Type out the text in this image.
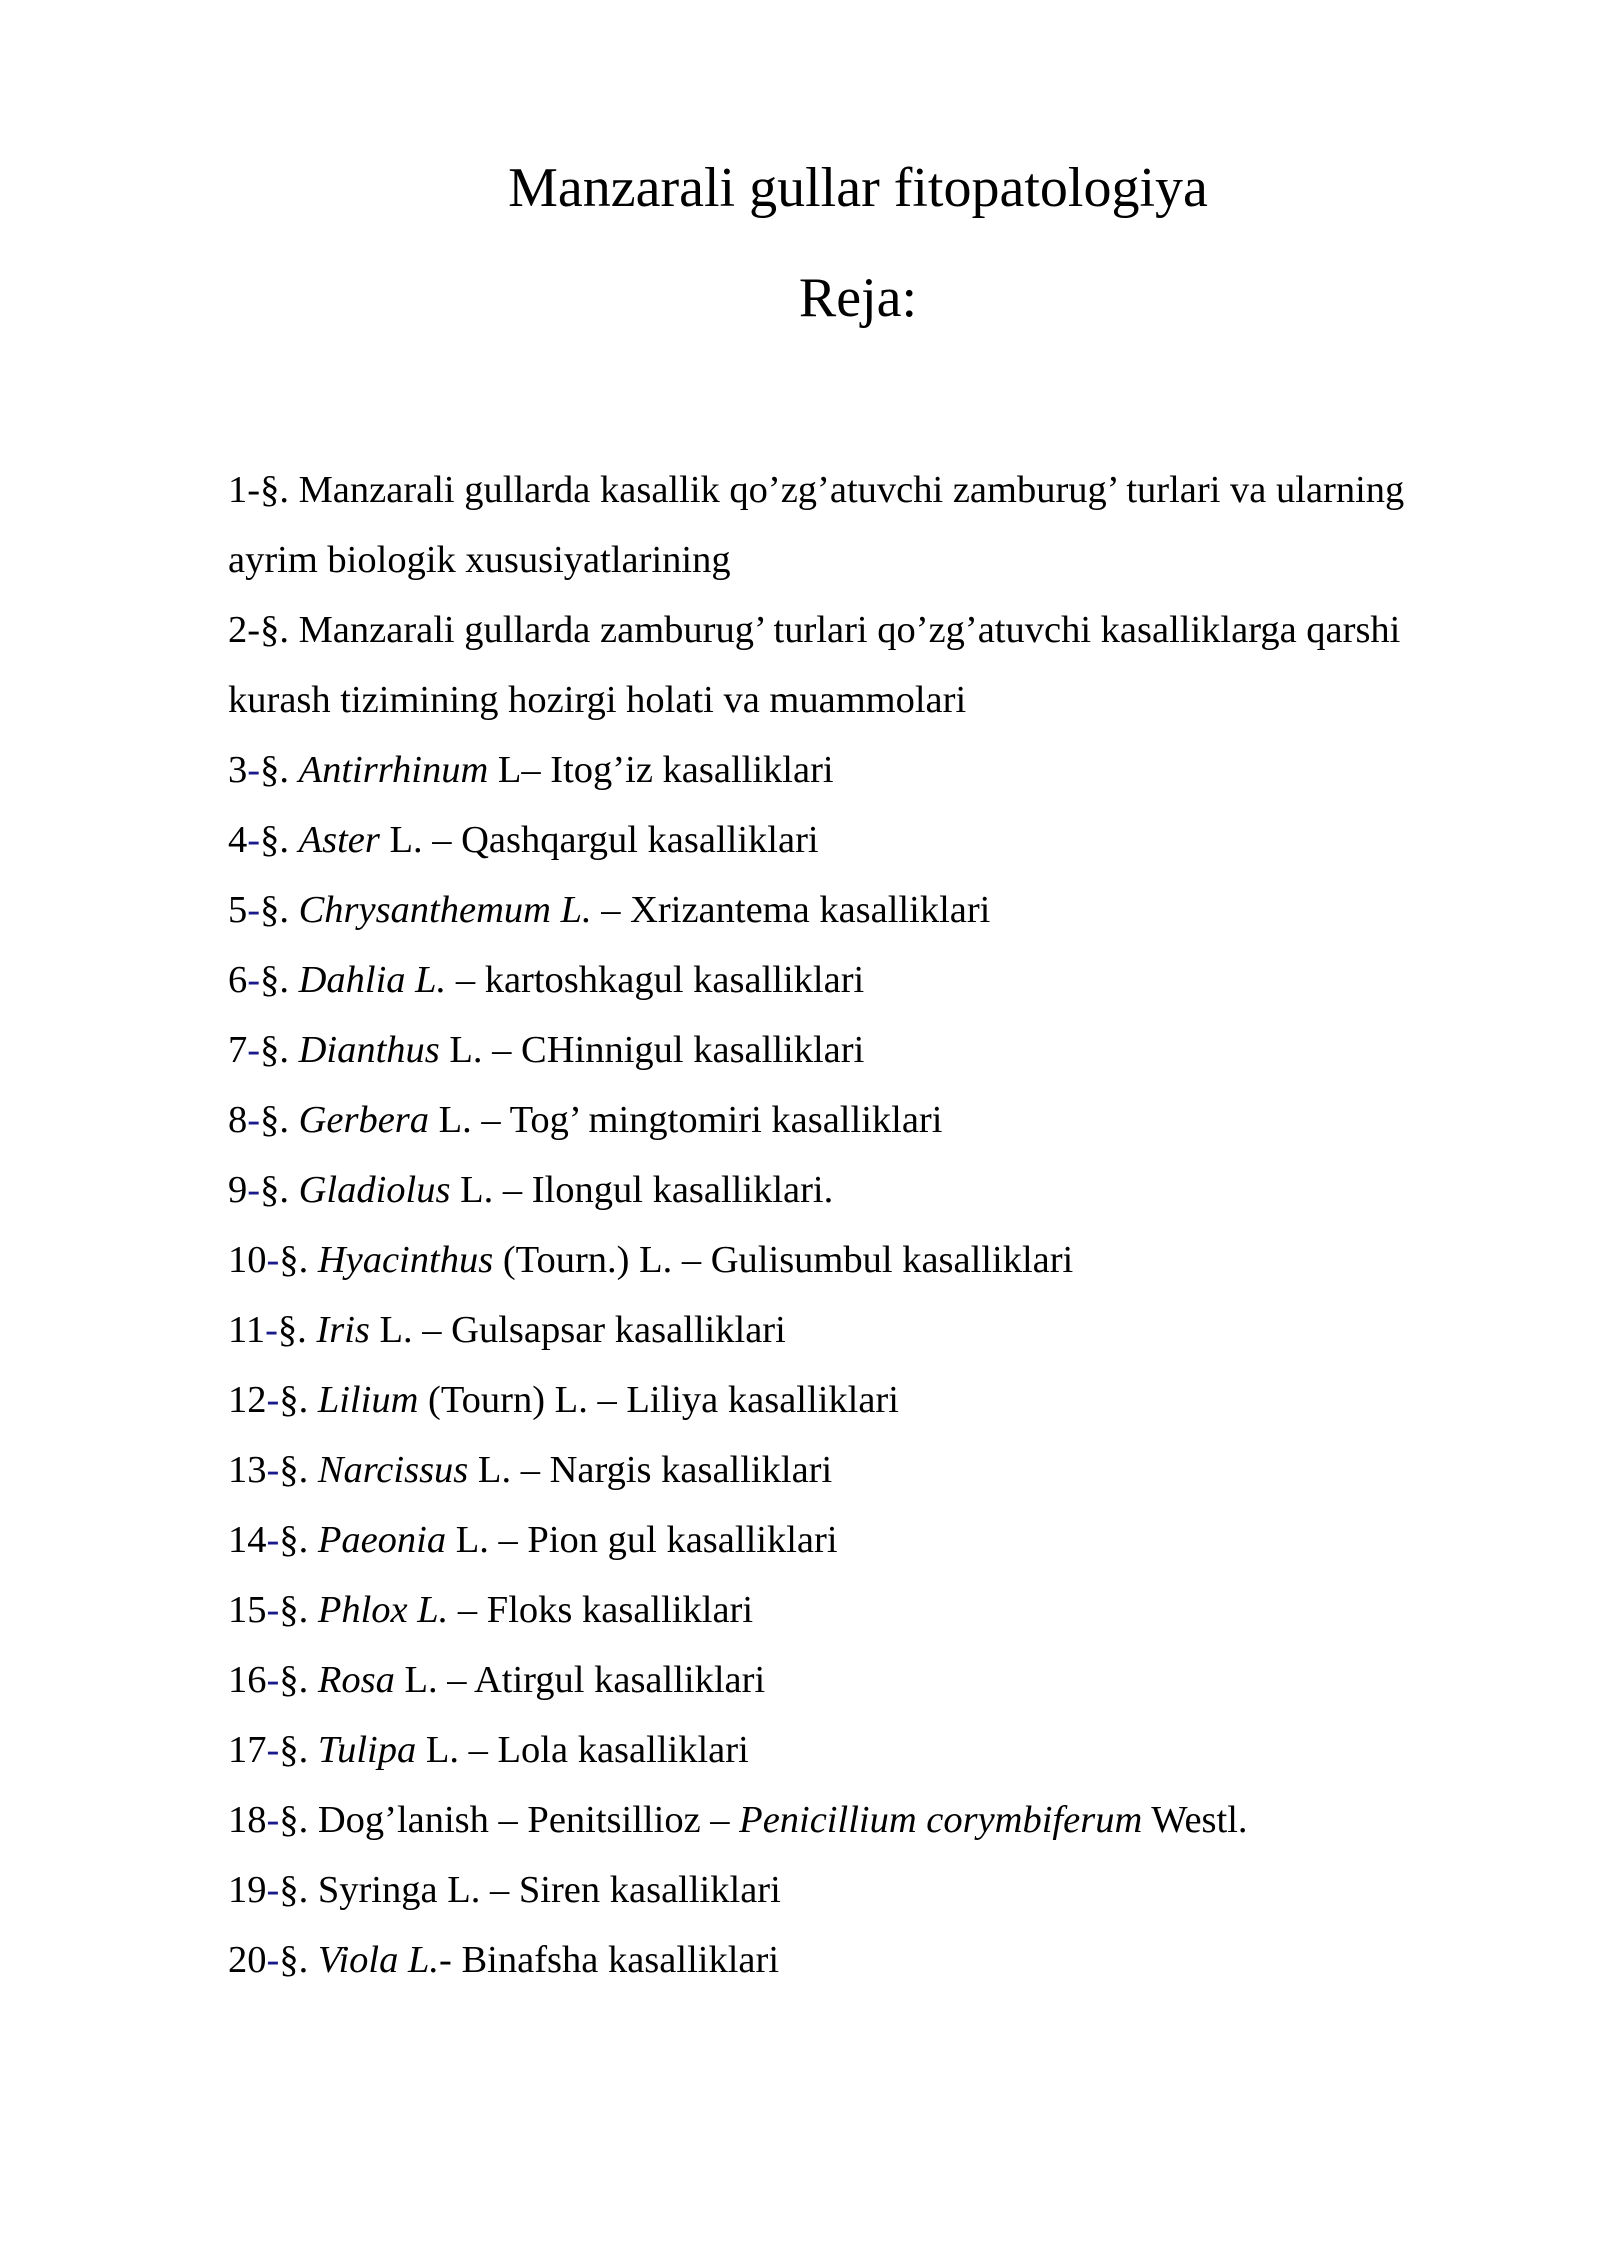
Manzarali gullar fitopatologiya
Reja:
1-§. Manzarali gullarda kasallik qo’zg’atuvchi zamburug’ turlari va ularning ayrim biologik xususiyatlarining
2-§. Manzarali gullarda zamburug’ turlari qo’zg’atuvchi kasalliklarga qarshi kurash tizimining hozirgi holati va muammolari
3-§. Antirrhinum L– Itog’iz kasalliklari
4-§. Aster L. – Qashqargul kasalliklari
5-§. Chrysanthemum L. – Xrizantema kasalliklari
6-§. Dahlia L. – kartoshkagul kasalliklari
7-§. Dianthus L. – CHinnigul kasalliklari
8-§. Gerbera L. – Tog’ mingtomiri kasalliklari
9-§. Gladiolus L. – Ilongul kasalliklari.
10-§. Hyacinthus (Tourn.) L. – Gulisumbul kasalliklari
11-§. Iris L. – Gulsapsar kasalliklari
12-§. Lilium (Tourn) L. – Liliya kasalliklari
13-§. Narcissus L. – Nargis kasalliklari
14-§. Paeonia L. – Pion gul kasalliklari
15-§. Phlox L. – Floks kasalliklari
16-§. Rosa L. – Atirgul kasalliklari
17-§. Tulipa L. – Lola kasalliklari
18-§. Dog’lanish – Penitsillioz – Penicillium corymbiferum Westl.
19-§. Syringa L. – Siren kasalliklari
20-§. Viola L.- Binafsha kasalliklari
